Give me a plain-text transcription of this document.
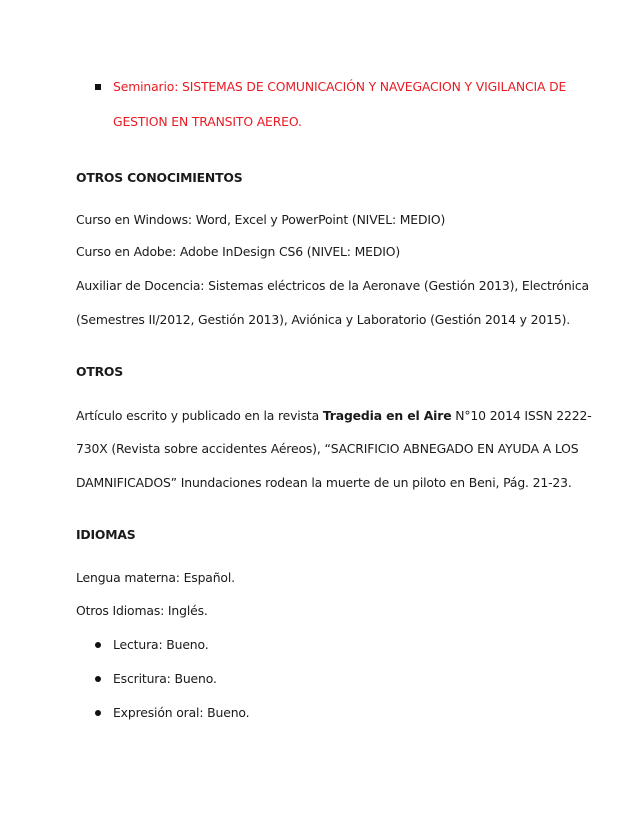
Seminario: SISTEMAS DE COMUNICACIÓN Y NAVEGACION Y VIGILANCIA DE
GESTION EN TRANSITO AEREO.
OTROS CONOCIMIENTOS
Curso en Windows: Word, Excel y PowerPoint (NIVEL: MEDIO)
Curso en Adobe: Adobe InDesign CS6 (NIVEL: MEDIO)
Auxiliar de Docencia: Sistemas eléctricos de la Aeronave (Gestión 2013), Electrónica
(Semestres II/2012, Gestión 2013), Aviónica y Laboratorio (Gestión 2014 y 2015).
OTROS
Artículo escrito y publicado en la revista Tragedia en el Aire N°10 2014 ISSN 2222-
730X (Revista sobre accidentes Aéreos), “SACRIFICIO ABNEGADO EN AYUDA A LOS
DAMNIFICADOS” Inundaciones rodean la muerte de un piloto en Beni, Pág. 21-23.
IDIOMAS
Lengua materna: Español.
Otros Idiomas: Inglés.
Lectura: Bueno.
Escritura: Bueno.
Expresión oral: Bueno.
